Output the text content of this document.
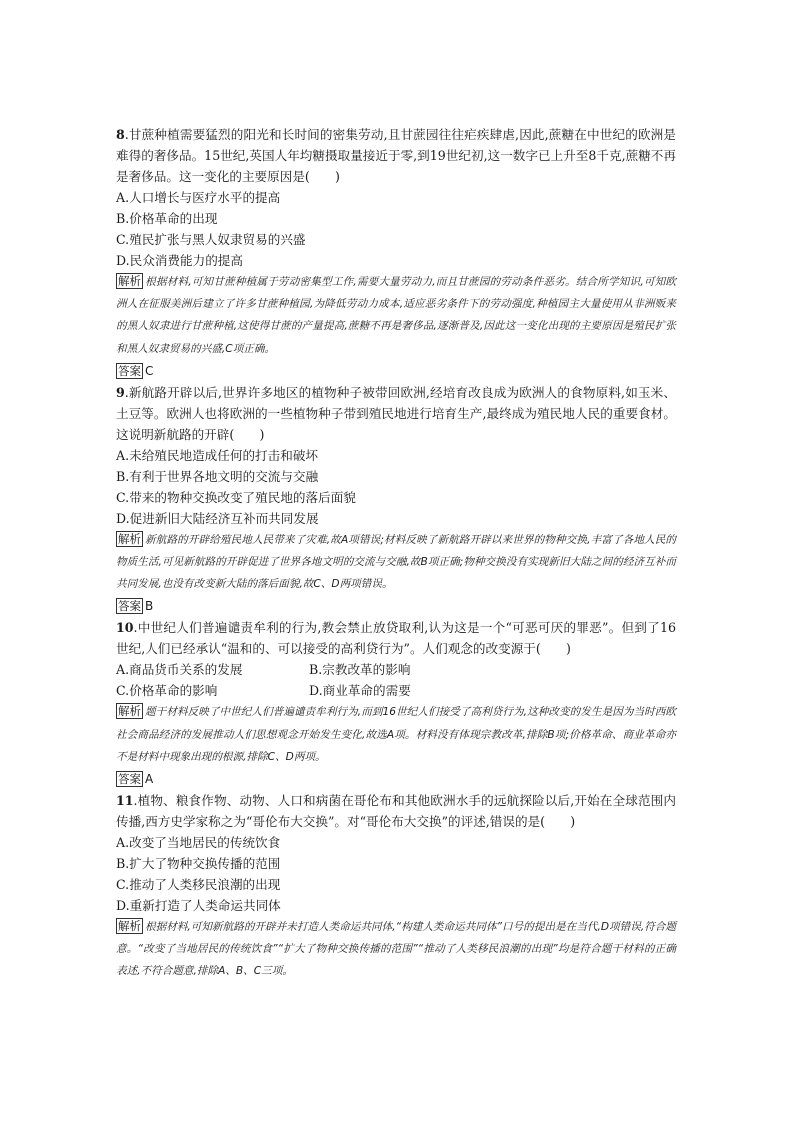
8.甘蔗种植需要猛烈的阳光和长时间的密集劳动,且甘蔗园往往疟疾肆虐,因此,蔗糖在中世纪的欧洲是难得的奢侈品。15世纪,英国人年均糖摄取量接近于零,到19世纪初,这一数字已上升至8千克,蔗糖不再是奢侈品。这一变化的主要原因是(　　)

A.人口增长与医疗水平的提高

B.价格革命的出现

C.殖民扩张与黑人奴隶贸易的兴盛

D.民众消费能力的提高

解析 根据材料,可知甘蔗种植属于劳动密集型工作,需要大量劳动力,而且甘蔗园的劳动条件恶劣。结合所学知识,可知欧洲人在征服美洲后建立了许多甘蔗种植园,为降低劳动力成本,适应恶劣条件下的劳动强度,种植园主大量使用从非洲贩来的黑人奴隶进行甘蔗种植,这使得甘蔗的产量提高,蔗糖不再是奢侈品,逐渐普及,因此这一变化出现的主要原因是殖民扩张和黑人奴隶贸易的兴盛,C项正确。

答案 C

9.新航路开辟以后,世界许多地区的植物种子被带回欧洲,经培育改良成为欧洲人的食物原料,如玉米、土豆等。欧洲人也将欧洲的一些植物种子带到殖民地进行培育生产,最终成为殖民地人民的重要食材。这说明新航路的开辟(　　)

A.未给殖民地造成任何的打击和破坏

B.有利于世界各地文明的交流与交融

C.带来的物种交换改变了殖民地的落后面貌

D.促进新旧大陆经济互补而共同发展

解析 新航路的开辟给殖民地人民带来了灾难,故A项错误;材料反映了新航路开辟以来世界的物种交换,丰富了各地人民的物质生活,可见新航路的开辟促进了世界各地文明的交流与交融,故B项正确;物种交换没有实现新旧大陆之间的经济互补而共同发展,也没有改变新大陆的落后面貌,故C、D两项错误。

答案 B

10.中世纪人们普遍谴责牟利的行为,教会禁止放贷取利,认为这是一个“可恶可厌的罪恶”。但到了16世纪,人们已经承认“温和的、可以接受的高利贷行为”。人们观念的改变源于(　　)

A.商品货币关系的发展	B.宗教改革的影响

C.价格革命的影响	D.商业革命的需要

解析 题干材料反映了中世纪人们普遍谴责牟利行为,而到16世纪人们接受了高利贷行为,这种改变的发生是因为当时西欧社会商品经济的发展推动人们思想观念开始发生变化,故选A项。材料没有体现宗教改革,排除B项;价格革命、商业革命亦不是材料中现象出现的根源,排除C、D两项。

答案 A

11.植物、粮食作物、动物、人口和病菌在哥伦布和其他欧洲水手的远航探险以后,开始在全球范围内传播,西方史学家称之为“哥伦布大交换”。对“哥伦布大交换”的评述,错误的是(　　)

A.改变了当地居民的传统饮食

B.扩大了物种交换传播的范围

C.推动了人类移民浪潮的出现

D.重新打造了人类命运共同体

解析 根据材料,可知新航路的开辟并未打造人类命运共同体,“构建人类命运共同体”口号的提出是在当代,D项错误,符合题意。“改变了当地居民的传统饮食”“扩大了物种交换传播的范围”“推动了人类移民浪潮的出现”均是符合题干材料的正确表述,不符合题意,排除A、B、C三项。
